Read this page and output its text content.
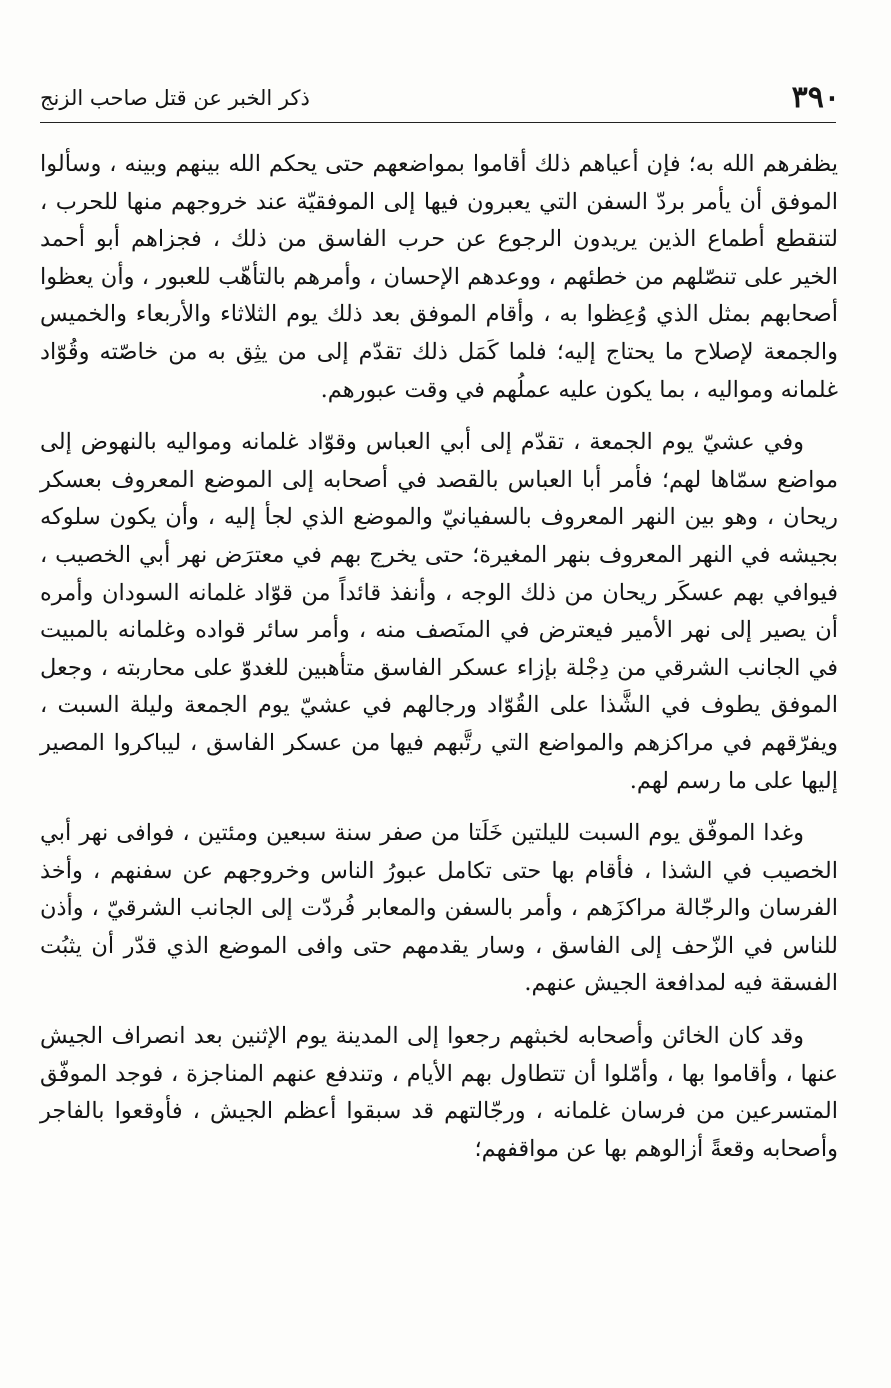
٣٩٠
ذكر الخبر عن قتل صاحب الزنج

يظفرهم الله به؛ فإن أعياهم ذلك أقاموا بمواضعهم حتى يحكم الله بينهم وبينه ، وسألوا الموفق أن يأمر بردّ السفن التي يعبرون فيها إلى الموفقيّة عند خروجهم منها للحرب ، لتنقطع أطماع الذين يريدون الرجوع عن حرب الفاسق من ذلك ، فجزاهم أبو أحمد الخير على تنصّلهم من خطئهم ، ووعدهم الإحسان ، وأمرهم بالتأهّب للعبور ، وأن يعظوا أصحابهم بمثل الذي وُعِظوا به ، وأقام الموفق بعد ذلك يوم الثلاثاء والأربعاء والخميس والجمعة لإصلاح ما يحتاج إليه؛ فلما كَمَل ذلك تقدّم إلى من يثِق به من خاصّته وقُوّاد غلمانه ومواليه ، بما يكون عليه عملُهم في وقت عبورهم.

وفي عشيّ يوم الجمعة ، تقدّم إلى أبي العباس وقوّاد غلمانه ومواليه بالنهوض إلى مواضع سمّاها لهم؛ فأمر أبا العباس بالقصد في أصحابه إلى الموضع المعروف بعسكر ريحان ، وهو بين النهر المعروف بالسفيانيّ والموضع الذي لجأ إليه ، وأن يكون سلوكه بجيشه في النهر المعروف بنهر المغيرة؛ حتى يخرج بهم في معترَض نهر أبي الخصيب ، فيوافي بهم عسكَر ريحان من ذلك الوجه ، وأنفذ قائداً من قوّاد غلمانه السودان وأمره أن يصير إلى نهر الأمير فيعترض في المنَصف منه ، وأمر سائر قواده وغلمانه بالمبيت في الجانب الشرقي من دِجْلة بإزاء عسكر الفاسق متأهبين للغدوّ على محاربته ، وجعل الموفق يطوف في الشَّذا على القُوّاد ورجالهم في عشيّ يوم الجمعة وليلة السبت ، ويفرّقهم في مراكزهم والمواضع التي رتَّبهم فيها من عسكر الفاسق ، ليباكروا المصير إليها على ما رسم لهم.

وغدا الموفّق يوم السبت لليلتين خَلَتا من صفر سنة سبعين ومئتين ، فوافى نهر أبي الخصيب في الشذا ، فأقام بها حتى تكامل عبورُ الناس وخروجهم عن سفنهم ، وأخذ الفرسان والرجّالة مراكزَهم ، وأمر بالسفن والمعابر فُردّت إلى الجانب الشرقيّ ، وأذن للناس في الزّحف إلى الفاسق ، وسار يقدمهم حتى وافى الموضع الذي قدّر أن يثبُت الفسقة فيه لمدافعة الجيش عنهم.

وقد كان الخائن وأصحابه لخبثهم رجعوا إلى المدينة يوم الإثنين بعد انصراف الجيش عنها ، وأقاموا بها ، وأمّلوا أن تتطاول بهم الأيام ، وتندفع عنهم المناجزة ، فوجد الموفّق المتسرعين من فرسان غلمانه ، ورجّالتهم قد سبقوا أعظم الجيش ، فأوقعوا بالفاجر وأصحابه وقعةً أزالوهم بها عن مواقفهم؛
